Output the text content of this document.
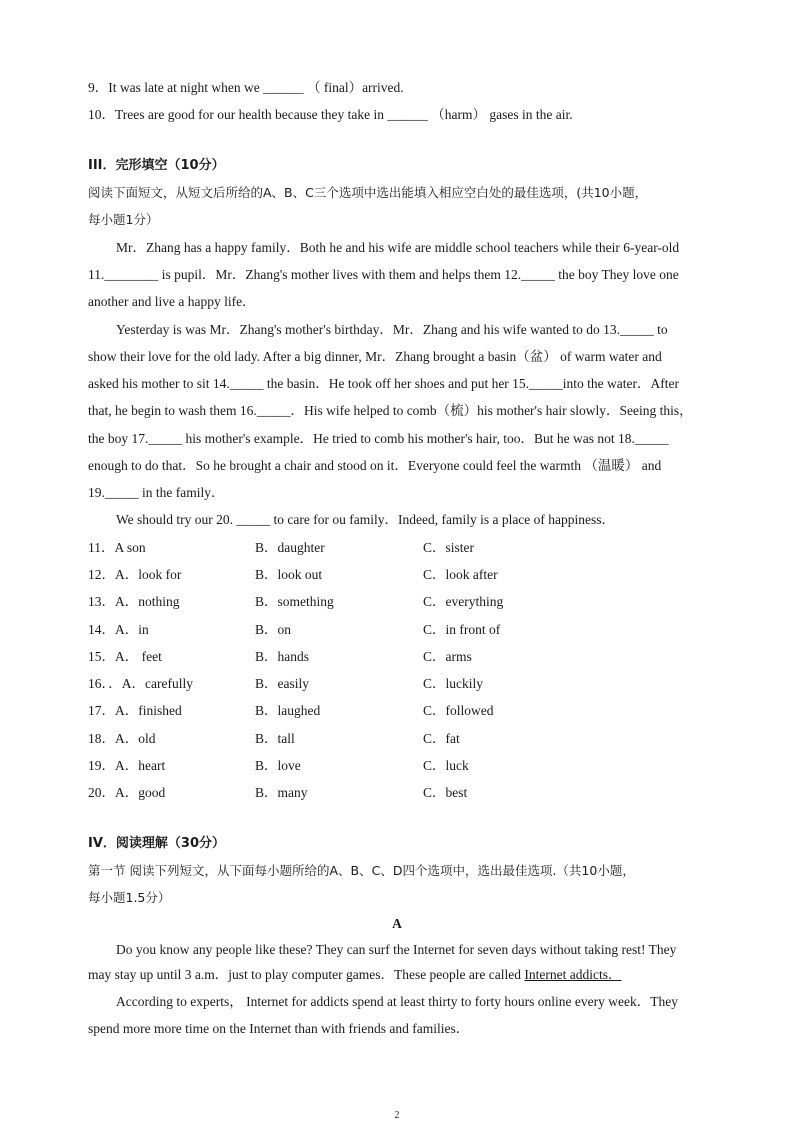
9．It was late at night when we ______ （ final）arrived.
10．Trees are good for our health because they take in ______ （harm） gases in the air.
III．完形填空（10分）
阅读下面短文，从短文后所给的A、B、C三个选项中选出能填入相应空白处的最佳选项，(共10小题，
每小题1分）
Mr．Zhang has a happy family．Both he and his wife are middle school teachers while their 6-year-old
11.________ is pupil．Mr．Zhang's mother lives with them and helps them 12._____ the boy They love one
another and live a happy life．
Yesterday is was Mr．Zhang's mother's birthday．Mr．Zhang and his wife wanted to do 13._____ to
show their love for the old lady. After a big dinner, Mr．Zhang brought a basin（盆） of warm water and
asked his mother to sit 14._____ the basin．He took off her shoes and put her 15._____into the water．After
that, he begin to wash them 16._____．His wife helped to comb（梳）his mother's hair slowly．Seeing this，
the boy 17._____ his mother's example．He tried to comb his mother's hair, too．But he was not 18._____
enough to do that．So he brought a chair and stood on it．Everyone could feel the warmth （温暖） and
19._____ in the family．
We should try our 20. _____ to care for ou family．Indeed, family is a place of happiness．
11．A son	B．daughter	C．sister
12．A．look for	B．look out	C．look after
13．A．nothing	B．something	C．everything
14．A．in	B．on	C．in front of
15．A． feet	B．hands	C．arms
16．．A．carefully	B．easily	C．luckily
17．A．finished	B．laughed	C．followed
18．A．old	B．tall	C．fat
19．A．heart	B．love	C．luck
20．A．good	B．many	C．best
IV．阅读理解（30分）
第一节 阅读下列短文，从下面每小题所给的A、B、C、D四个选项中，选出最佳选项.（共10小题，
每小题1.5分）
A
Do you know any people like these? They can surf the Internet for seven days without taking rest! They
may stay up until 3 a.m．just to play computer games．These people are called Internet addicts．
According to experts， Internet for addicts spend at least thirty to forty hours online every week．They
spend more more time on the Internet than with friends and families．
2
